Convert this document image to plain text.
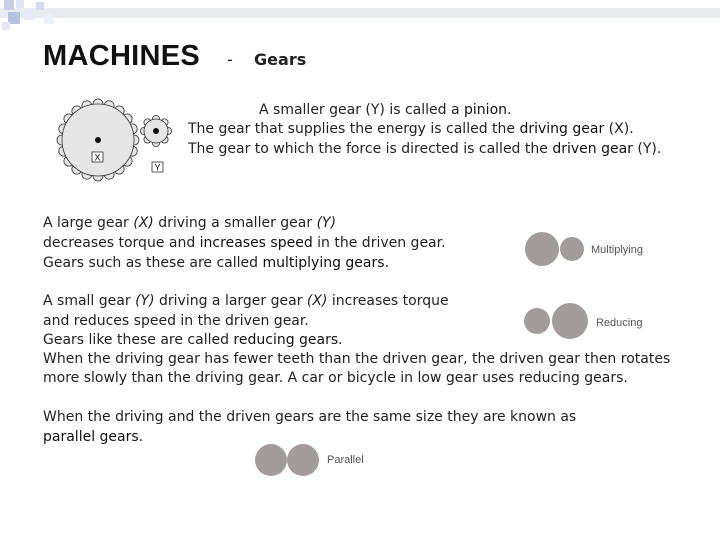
MACHINES - Gears
X
Y
A smaller gear (Y) is called a pinion.
The gear that supplies the energy is called the driving gear (X).
The gear to which the force is directed is called the driven gear (Y).
A large gear (X) driving a smaller gear (Y)
decreases torque and increases speed in the driven gear.
Gears such as these are called multiplying gears.
Multiplying
A small gear (Y) driving a larger gear (X) increases torque
and reduces speed in the driven gear.
Gears like these are called reducing gears.
When the driving gear has fewer teeth than the driven gear, the driven gear then rotates
more slowly than the driving gear. A car or bicycle in low gear uses reducing gears.
Reducing
When the driving and the driven gears are the same size they are known as
parallel gears.
Parallel
